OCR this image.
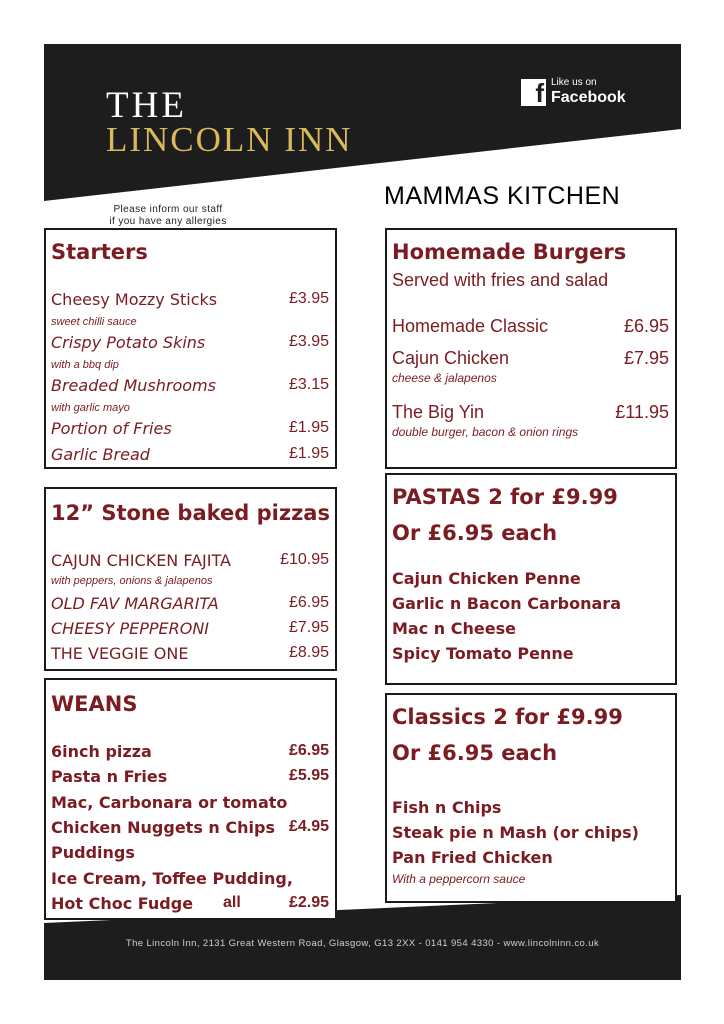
THE
LINCOLN INN
f Like us on
Facebook
MAMMAS KITCHEN
Please inform our staff
if you have any allergies
The Lincoln Inn, 2131 Great Western Road, Glasgow, G13 2XX - 0141 954 4330 - www.lincolninn.co.uk
Starters
Cheesy Mozzy Sticks	£3.95
sweet chilli sauce
Crispy Potato Skins	£3.95
with a bbq dip
Breaded Mushrooms	£3.15
with garlic mayo
Portion of Fries	£1.95
Garlic Bread	£1.95
12” Stone baked pizzas
CAJUN CHICKEN FAJITA	£10.95
with peppers, onions & jalapenos
OLD FAV MARGARITA	£6.95
CHEESY PEPPERONI	£7.95
THE VEGGIE ONE	£8.95
WEANS
6inch pizza	£6.95
Pasta n Fries	£5.95
Mac, Carbonara or tomato
Chicken Nuggets n Chips £4.95
Puddings
Ice Cream, Toffee Pudding,
Hot Choc Fudge all	£2.95
Homemade Burgers
Served with fries and salad
Homemade Classic	£6.95
Cajun Chicken	£7.95
cheese & jalapenos
The Big Yin	£11.95
double burger, bacon & onion rings
PASTAS 2 for £9.99
Or £6.95 each
Cajun Chicken Penne
Garlic n Bacon Carbonara
Mac n Cheese
Spicy Tomato Penne
Classics 2 for £9.99
Or £6.95 each
Fish n Chips
Steak pie n Mash (or chips)
Pan Fried Chicken
With a peppercorn sauce
